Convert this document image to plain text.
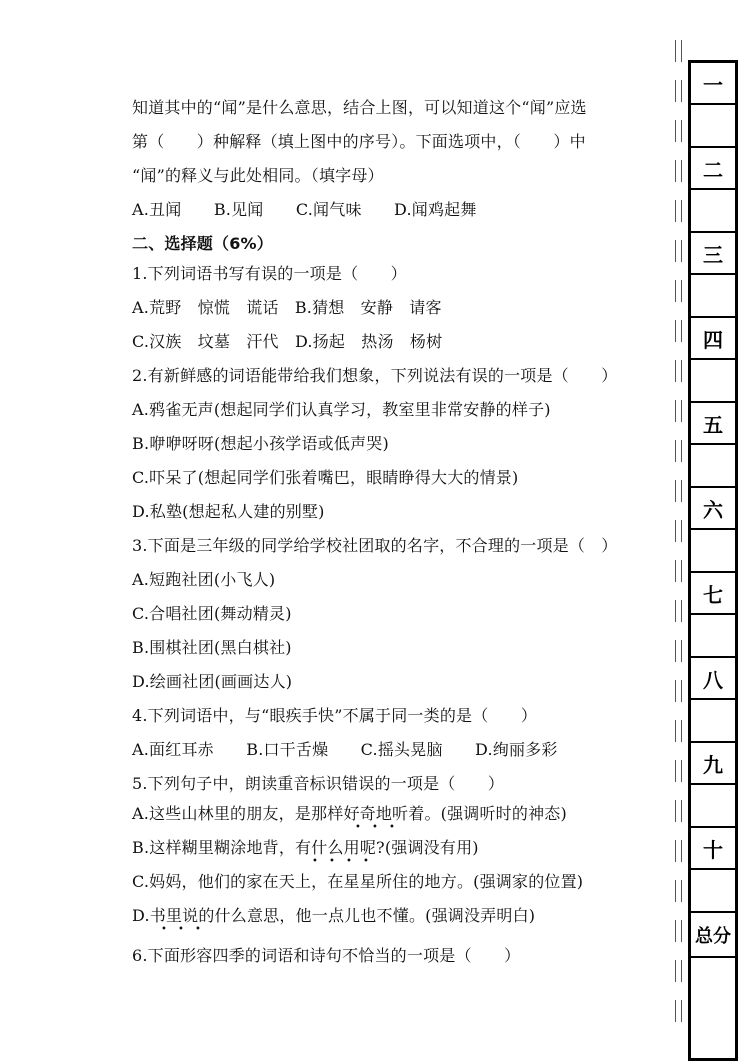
知道其中的“闻”是什么意思，结合上图，可以知道这个“闻”应选
第（　　）种解释（填上图中的序号）。下面选项中，（　　）中
“闻”的释义与此处相同。（填字母）
A.丑闻　　B.见闻　　C.闻气味　　D.闻鸡起舞
二、选择题（6%）
1.下列词语书写有误的一项是（　　）
A.荒野　惊慌　谎话　B.猜想　安静　请客
C.汉族　坟墓　汗代　D.扬起　热汤　杨树
2.有新鲜感的词语能带给我们想象，下列说法有误的一项是（　　）
A.鸦雀无声(想起同学们认真学习，教室里非常安静的样子)
B.咿咿呀呀(想起小孩学语或低声哭)
C.吓呆了(想起同学们张着嘴巴，眼睛睁得大大的情景)
D.私塾(想起私人建的别墅)
3.下面是三年级的同学给学校社团取的名字，不合理的一项是（　）
A.短跑社团(小飞人)
C.合唱社团(舞动精灵)
B.围棋社团(黑白棋社)
D.绘画社团(画画达人)
4.下列词语中，与“眼疾手快”不属于同一类的是（　　）
A.面红耳赤　　B.口干舌燥　　C.摇头晃脑　　D.绚丽多彩
5.下列句子中，朗读重音标识错误的一项是（　　）
A.这些山林里的朋友，是那样好奇地听着。(强调听时的神态)
B.这样糊里糊涂地背，有什么用呢?(强调没有用)
C.妈妈，他们的家在天上，在星星所住的地方。(强调家的位置)
D.书里说的什么意思，他一点儿也不懂。(强调没弄明白)
• • •
• • • •
• • •
6.下面形容四季的词语和诗句不恰当的一项是（　　）
一
二
三
四
五
六
七
八
九
十
总分
